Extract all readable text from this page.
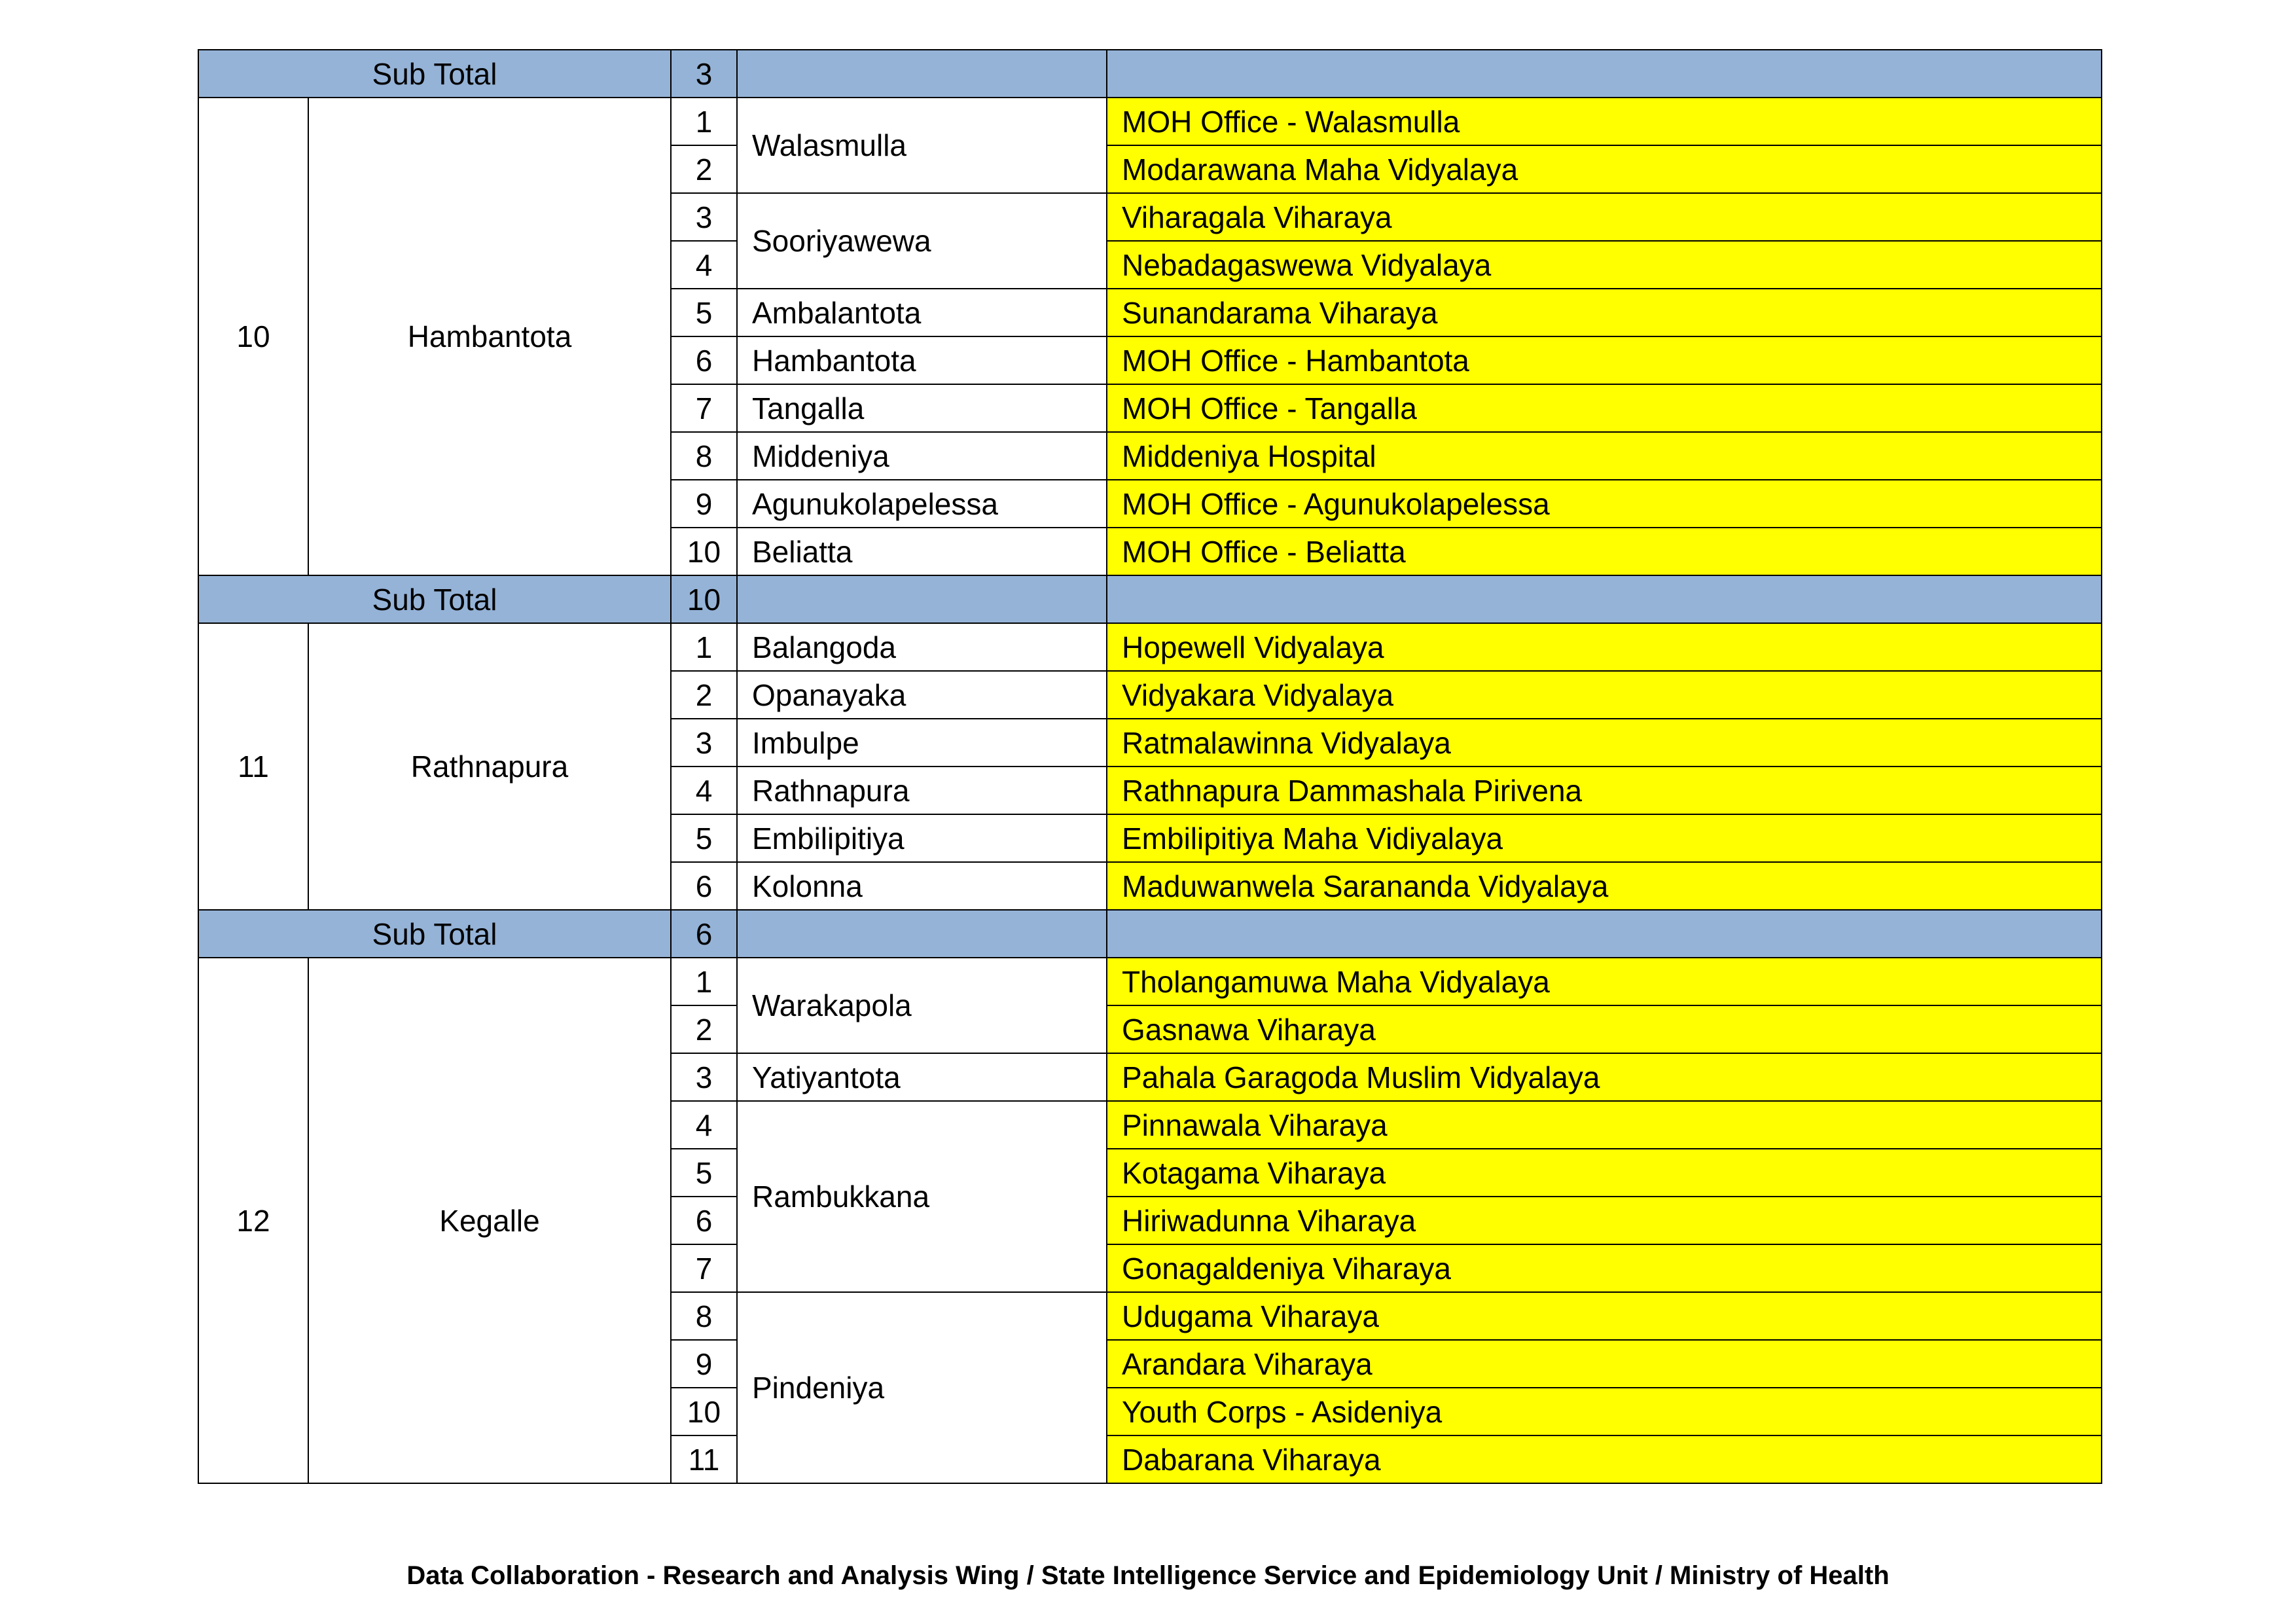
Sub Total		3		
10	Hambantota	1	Walasmulla	MOH Office - Walasmulla
		2		Modarawana Maha Vidyalaya
		3	Sooriyawewa	Viharagala Viharaya
		4		Nebadagaswewa Vidyalaya
		5	Ambalantota	Sunandarama Viharaya
		6	Hambantota	MOH Office - Hambantota
		7	Tangalla	MOH Office - Tangalla
		8	Middeniya	Middeniya Hospital
		9	Agunukolapelessa	MOH Office - Agunukolapelessa
		10	Beliatta	MOH Office - Beliatta
Sub Total		10		
11	Rathnapura	1	Balangoda	Hopewell Vidyalaya
		2	Opanayaka	Vidyakara Vidyalaya
		3	Imbulpe	Ratmalawinna Vidyalaya
		4	Rathnapura	Rathnapura Dammashala Pirivena
		5	Embilipitiya	Embilipitiya Maha Vidiyalaya
		6	Kolonna	Maduwanwela Sarananda Vidyalaya
Sub Total		6		
12	Kegalle	1	Warakapola	Tholangamuwa Maha Vidyalaya
		2		Gasnawa Viharaya
		3	Yatiyantota	Pahala Garagoda Muslim Vidyalaya
		4	Rambukkana	Pinnawala Viharaya
		5		Kotagama Viharaya
		6		Hiriwadunna Viharaya
		7		Gonagaldeniya Viharaya
		8	Pindeniya	Udugama Viharaya
		9		Arandara Viharaya
		10		Youth Corps - Asideniya
		11		Dabarana Viharaya
Data Collaboration - Research and Analysis Wing / State Intelligence Service and Epidemiology Unit / Ministry of Health
